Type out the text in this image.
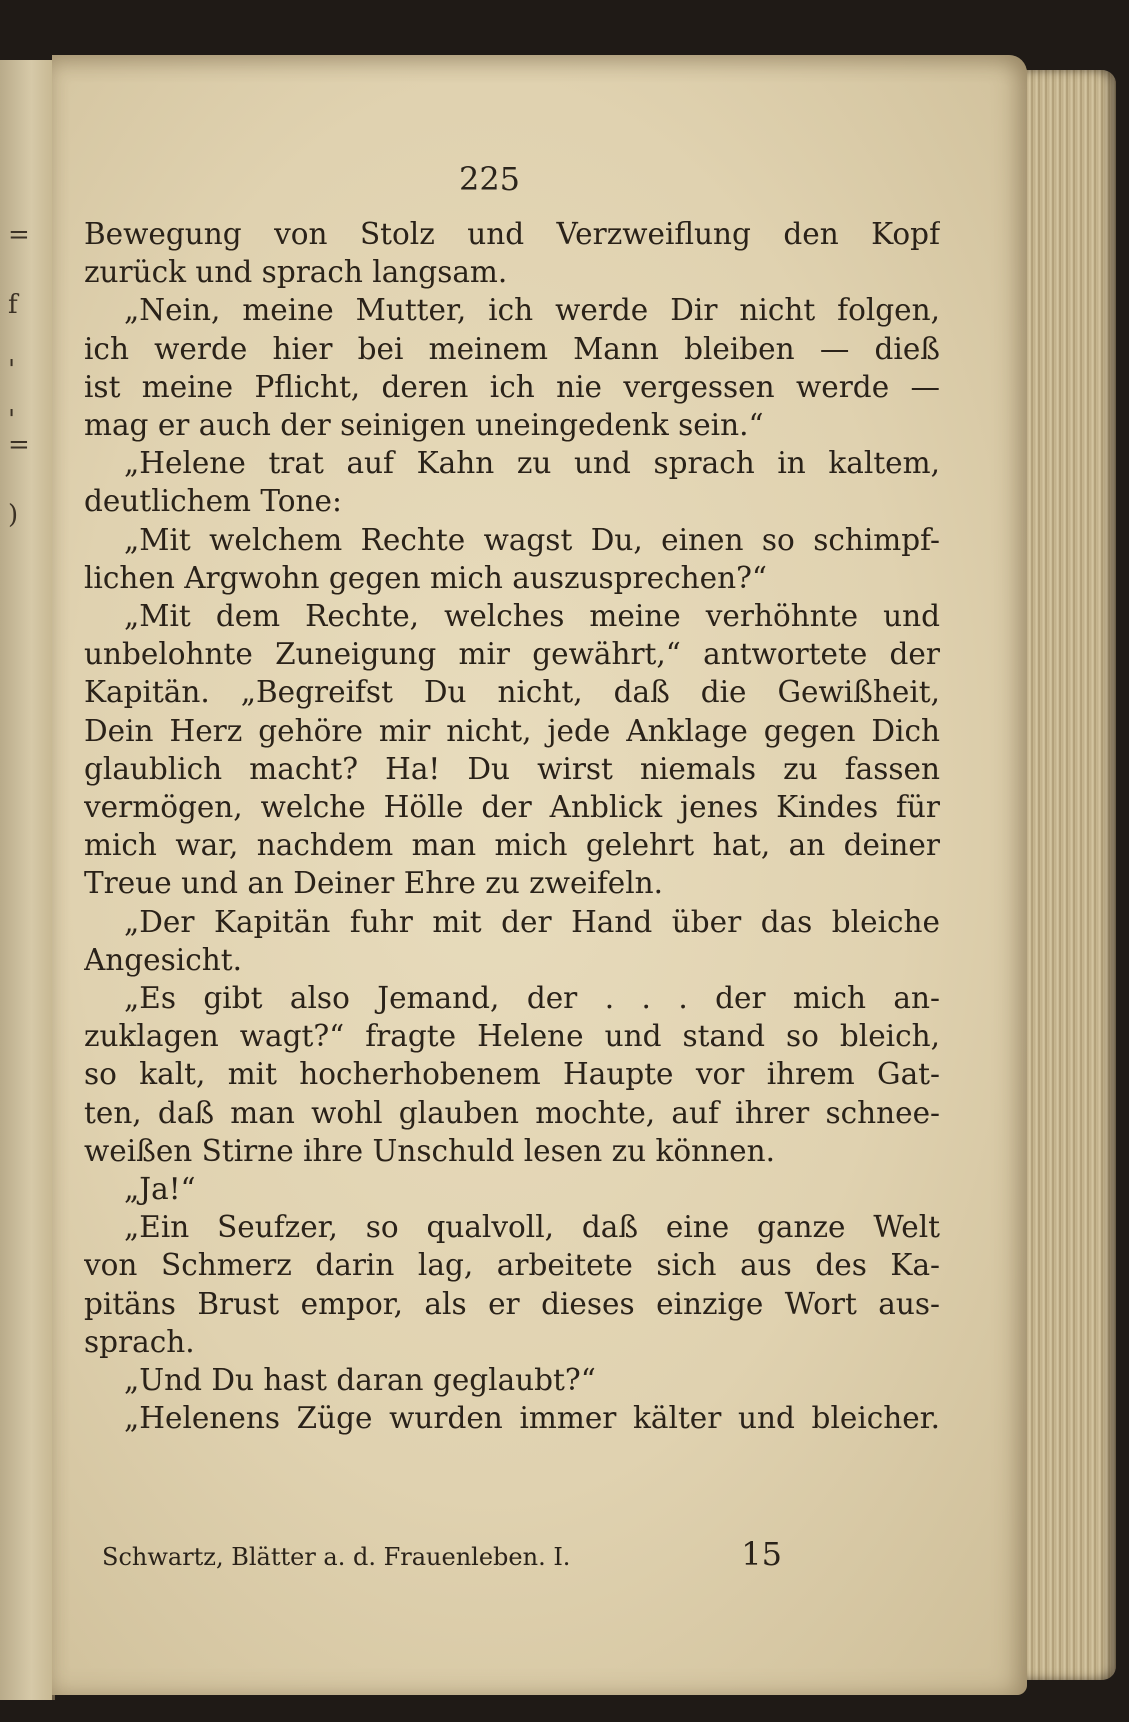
=
f
'
'
=
)
225
Bewegung von Stolz und Verzweiflung den Kopf
zurück und sprach langsam.
„Nein, meine Mutter, ich werde Dir nicht folgen,
ich werde hier bei meinem Mann bleiben — dieß
ist meine Pflicht, deren ich nie vergessen werde —
mag er auch der seinigen uneingedenk sein.“
„Helene trat auf Kahn zu und sprach in kaltem,
deutlichem Tone:
„Mit welchem Rechte wagst Du, einen so schimpf-
lichen Argwohn gegen mich auszusprechen?“
„Mit dem Rechte, welches meine verhöhnte und
unbelohnte Zuneigung mir gewährt,“ antwortete der
Kapitän. „Begreifst Du nicht, daß die Gewißheit,
Dein Herz gehöre mir nicht, jede Anklage gegen Dich
glaublich macht? Ha! Du wirst niemals zu fassen
vermögen, welche Hölle der Anblick jenes Kindes für
mich war, nachdem man mich gelehrt hat, an deiner
Treue und an Deiner Ehre zu zweifeln.
„Der Kapitän fuhr mit der Hand über das bleiche
Angesicht.
„Es gibt also Jemand, der . . . der mich an-
zuklagen wagt?“ fragte Helene und stand so bleich,
so kalt, mit hocherhobenem Haupte vor ihrem Gat-
ten, daß man wohl glauben mochte, auf ihrer schnee-
weißen Stirne ihre Unschuld lesen zu können.
„Ja!“
„Ein Seufzer, so qualvoll, daß eine ganze Welt
von Schmerz darin lag, arbeitete sich aus des Ka-
pitäns Brust empor, als er dieses einzige Wort aus-
sprach.
„Und Du hast daran geglaubt?“
„Helenens Züge wurden immer kälter und bleicher.
Schwartz, Blätter a. d. Frauenleben. I.	15
